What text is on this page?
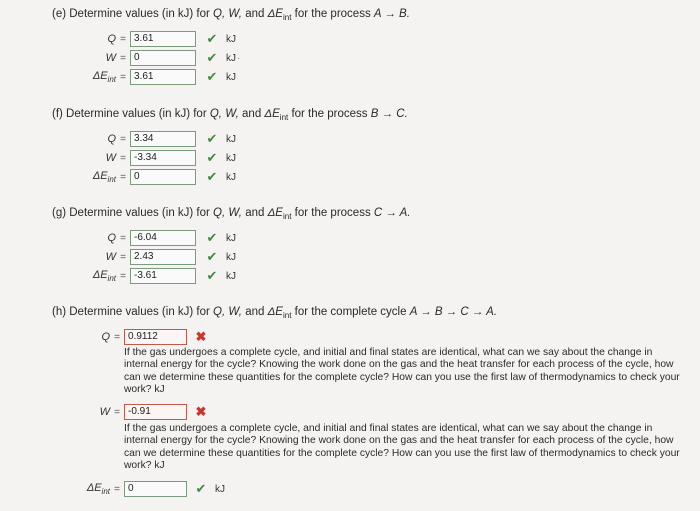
(e) Determine values (in kJ) for Q, W, and $\Delta E_{int}$ for the process A → B.
Q = 3.61	✔ kJ
W = 0	✔ kJ ·
$\Delta E_{int} = 3.61$	✔ kJ
(f) Determine values (in kJ) for Q, W, and $\Delta E_{int}$ for the process B → C.
Q = 3.34	✔ kJ
W = -3.34	✔ kJ
$\Delta E_{int} = 0$	✔ kJ
(g) Determine values (in kJ) for Q, W, and $\Delta E_{int}$ for the process C → A.
Q = -6.04	✔ kJ
W = 2.43	✔ kJ
$\Delta E_{int} = -3.61$	✔ kJ
(h) Determine values (in kJ) for Q, W, and $\Delta E_{int}$ for the complete cycle A → B → C → A.
Q = 0.9112	✖
If the gas undergoes a complete cycle, and initial and final states are identical, what can we say about the change in internal energy for the cycle? Knowing the work done on the gas and the heat transfer for each process of the cycle, how can we determine these quantities for the complete cycle? How can you use the first law of thermodynamics to check your work? kJ
W = -0.91	✖
If the gas undergoes a complete cycle, and initial and final states are identical, what can we say about the change in internal energy for the cycle? Knowing the work done on the gas and the heat transfer for each process of the cycle, how can we determine these quantities for the complete cycle? How can you use the first law of thermodynamics to check your work? kJ
$\Delta E_{int} = 0$	✔ kJ
